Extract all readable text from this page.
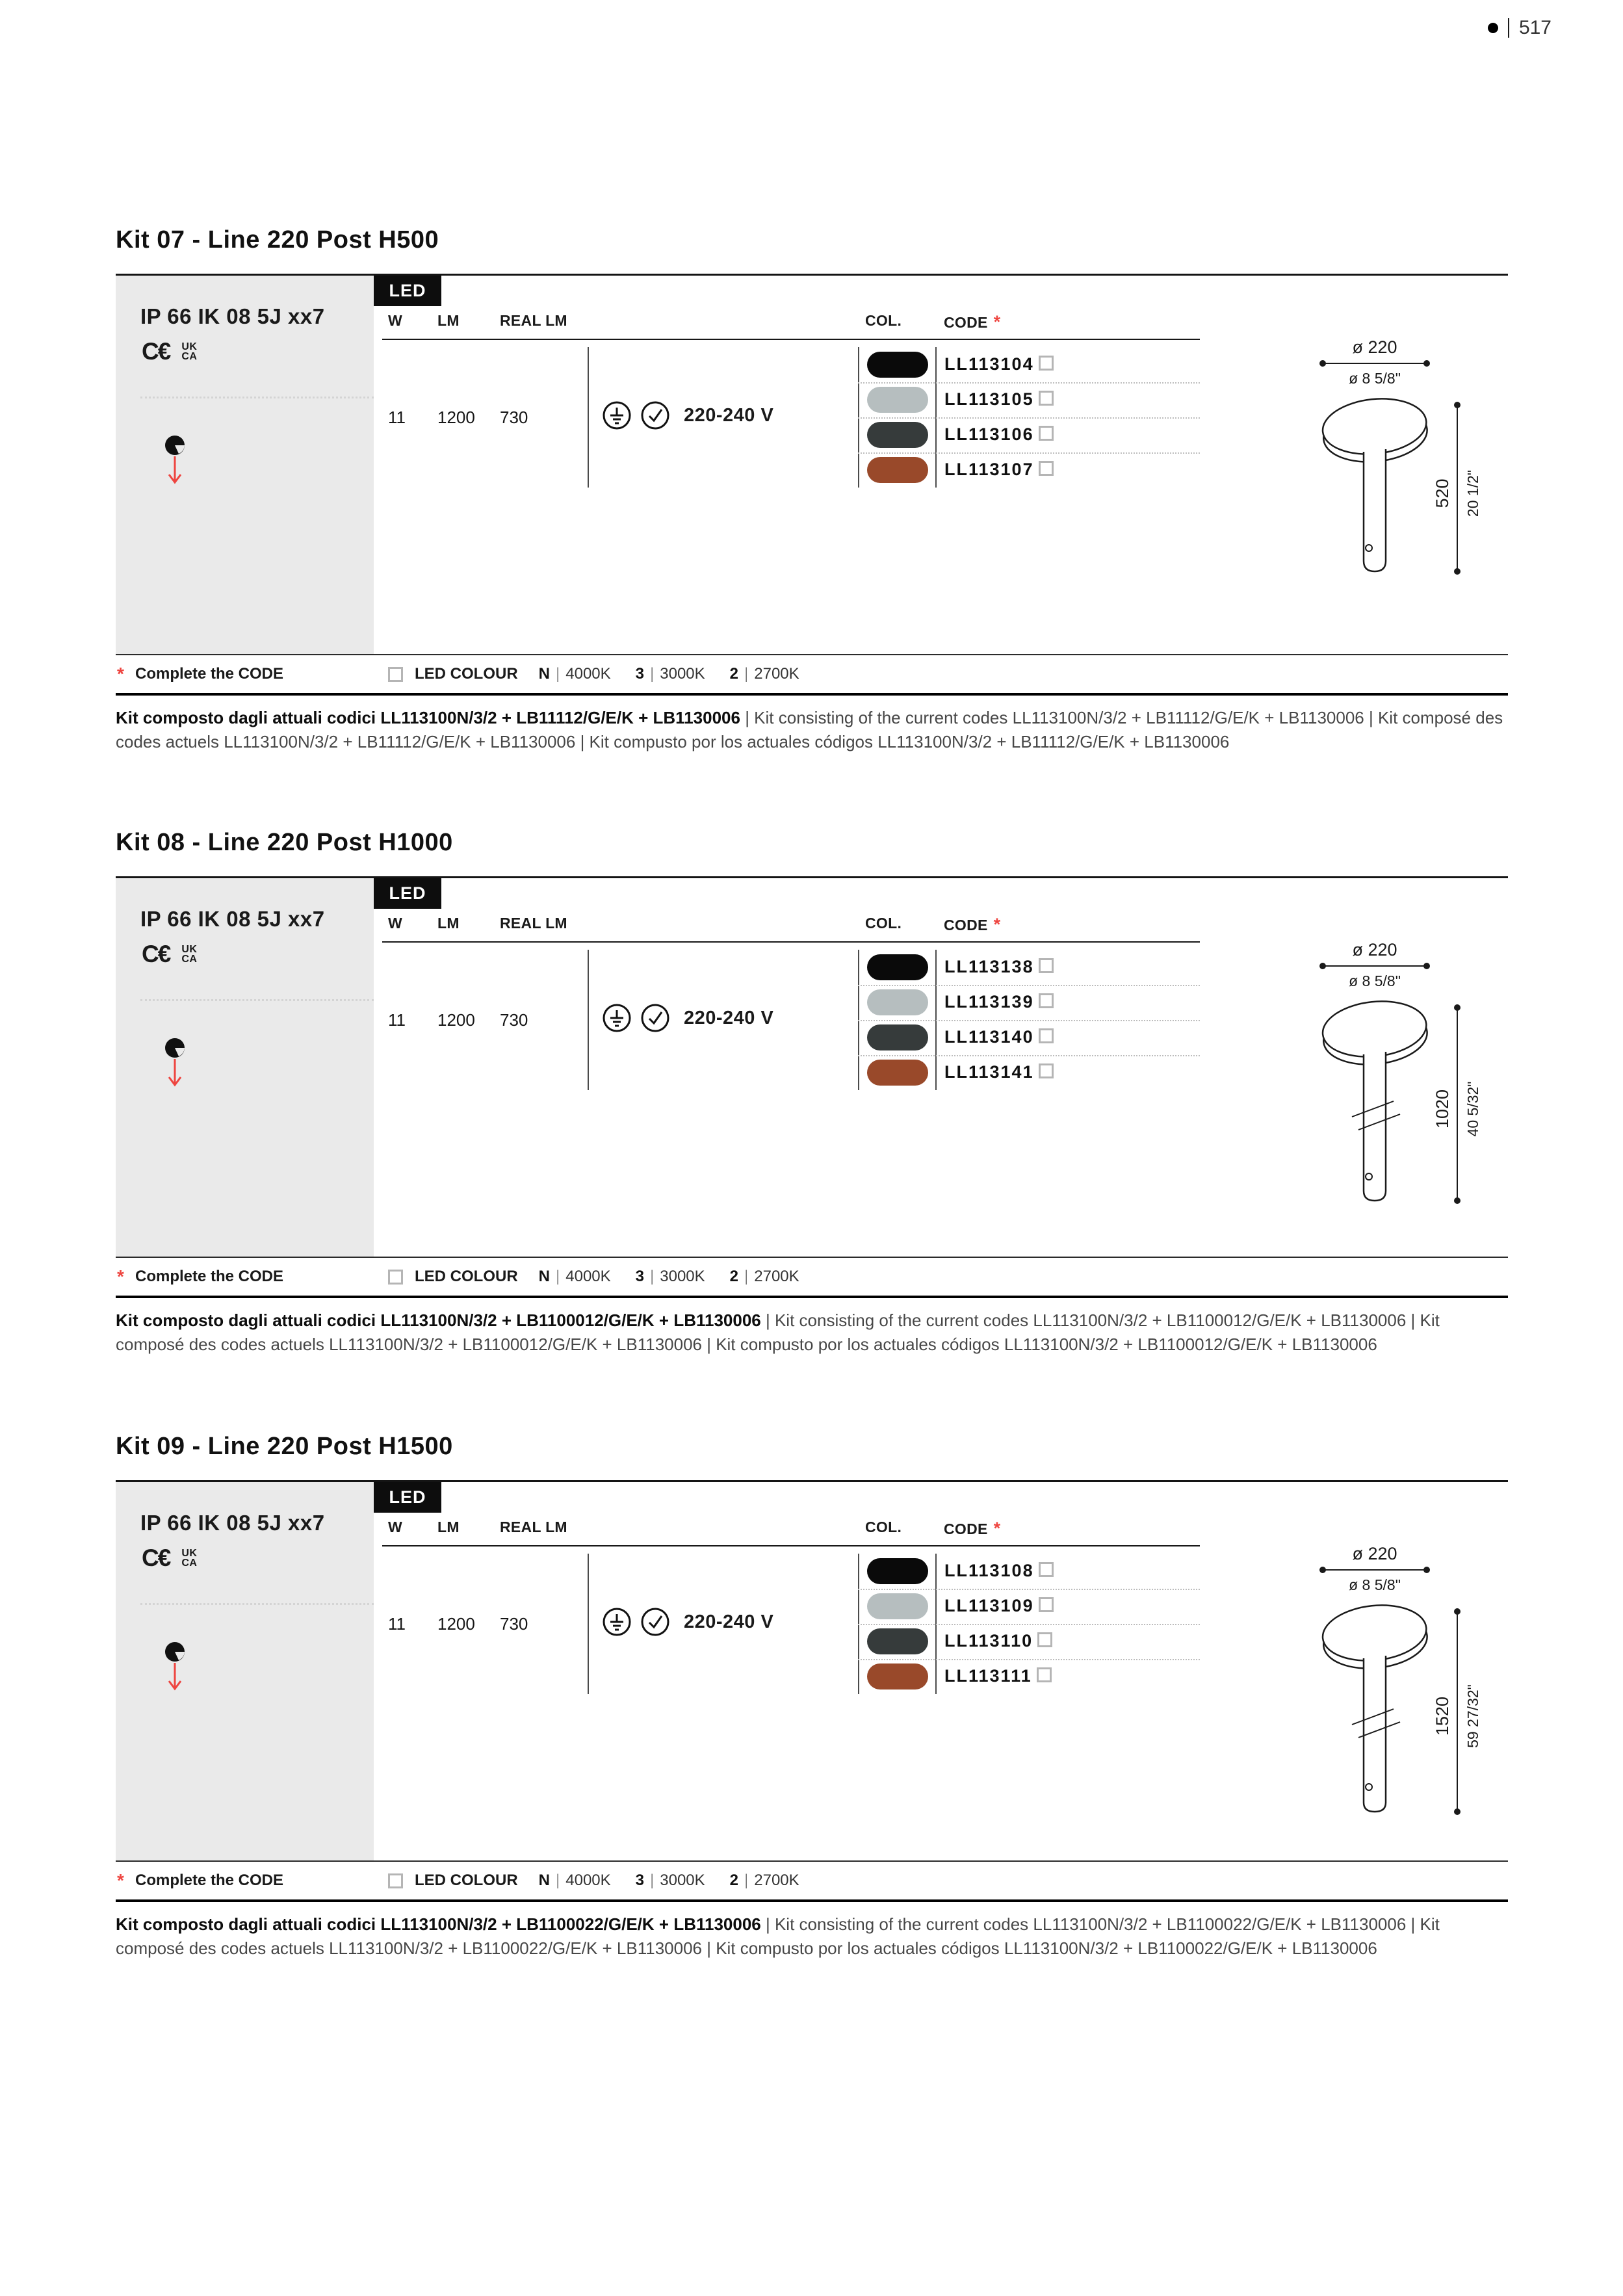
517
Kit 07 - Line 220 Post H500
IP 66 IK 08 5J xx7
C€ UK
CA
LED
W LM	REAL LM	COL.	CODE *
11 1200 730	220-240 V
LL113104
LL113105
LL113106
LL113107
ø 220
ø 8 5/8"
520 20 1/2"
* Complete the CODE	LED COLOUR N | 4000K 3 | 3000K 2 | 2700K

Kit composto dagli attuali codici LL113100N/3/2 + LB11112/G/E/K + LB1130006 | Kit consisting of the current codes LL113100N/3/2 + LB11112/G/E/K + LB1130006 | Kit composé des codes actuels LL113100N/3/2 + LB11112/G/E/K + LB1130006 | Kit compusto por los actuales códigos LL113100N/3/2 + LB11112/G/E/K + LB1130006

Kit 08 - Line 220 Post H1000
IP 66 IK 08 5J xx7
C€ UK
CA
LED
W LM	REAL LM	COL.	CODE *
11 1200 730	220-240 V
LL113138
LL113139
LL113140
LL113141
ø 220
ø 8 5/8"
1020 40 5/32"
* Complete the CODE	LED COLOUR N | 4000K 3 | 3000K 2 | 2700K

Kit composto dagli attuali codici LL113100N/3/2 + LB1100012/G/E/K + LB1130006 | Kit consisting of the current codes LL113100N/3/2 + LB1100012/G/E/K + LB1130006 | Kit composé des codes actuels LL113100N/3/2 + LB1100012/G/E/K + LB1130006 | Kit compusto por los actuales códigos LL113100N/3/2 + LB1100012/G/E/K + LB1130006

Kit 09 - Line 220 Post H1500
IP 66 IK 08 5J xx7
C€ UK
CA
LED
W LM	REAL LM	COL.	CODE *
11 1200 730	220-240 V
LL113108
LL113109
LL113110
LL113111
ø 220
ø 8 5/8"
1520 59 27/32"
* Complete the CODE	LED COLOUR N | 4000K 3 | 3000K 2 | 2700K

Kit composto dagli attuali codici LL113100N/3/2 + LB1100022/G/E/K + LB1130006 | Kit consisting of the current codes LL113100N/3/2 + LB1100022/G/E/K + LB1130006 | Kit composé des codes actuels LL113100N/3/2 + LB1100022/G/E/K + LB1130006 | Kit compusto por los actuales códigos LL113100N/3/2 + LB1100022/G/E/K + LB1130006
